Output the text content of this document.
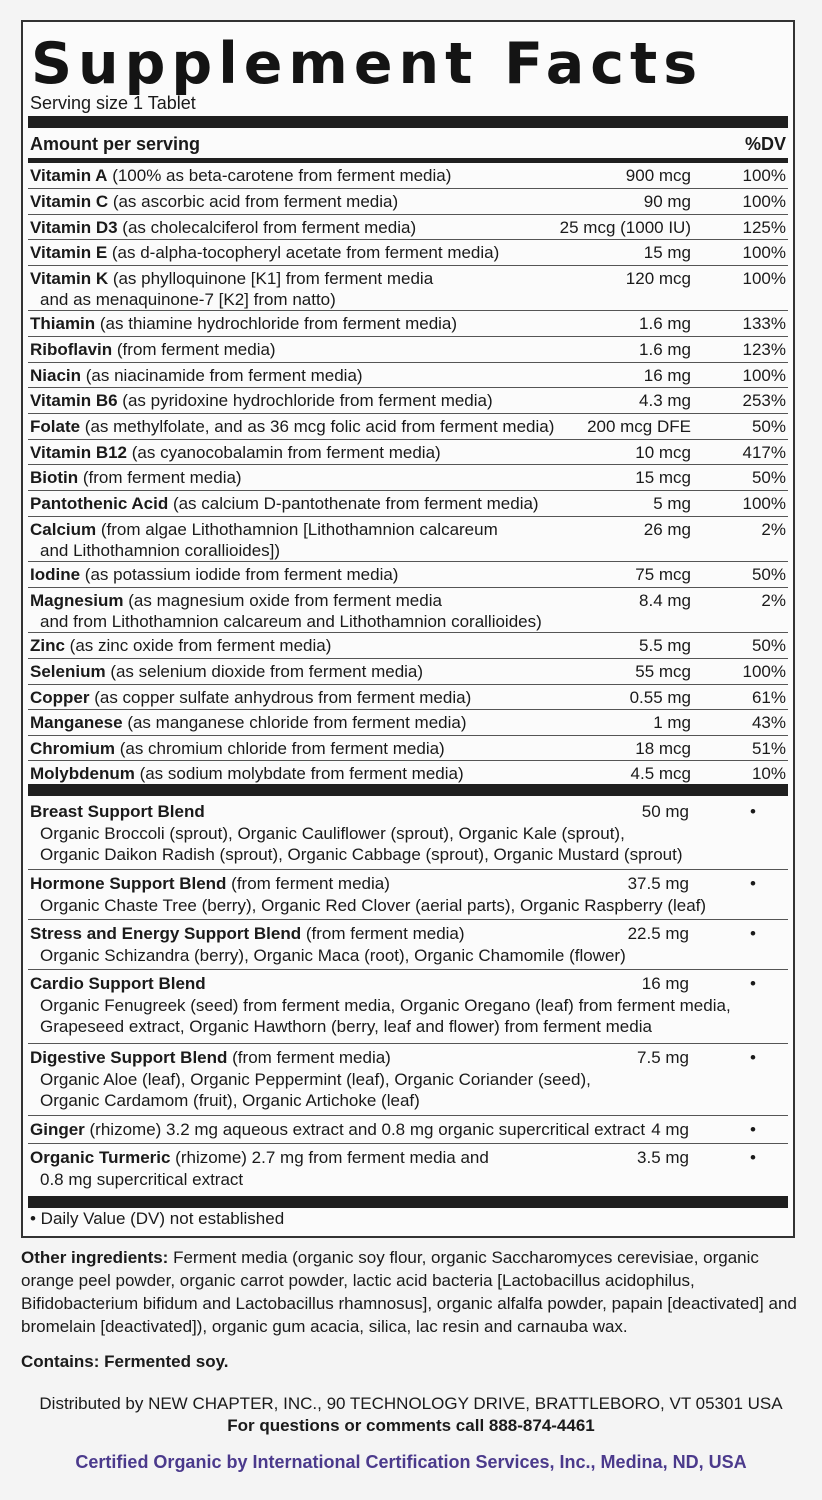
Supplement Facts
Serving size 1 Tablet
Amount per serving	%DV
Vitamin A (100% as beta-carotene from ferment media)	900 mcg	100%
Vitamin C (as ascorbic acid from ferment media)	90 mg	100%
Vitamin D3 (as cholecalciferol from ferment media)	25 mcg (1000 IU)	125%
Vitamin E (as d-alpha-tocopheryl acetate from ferment media)	15 mg	100%
Vitamin K (as phylloquinone [K1] from ferment media
and as menaquinone-7 [K2] from natto)
120 mcg	100%
Thiamin (as thiamine hydrochloride from ferment media)	1.6 mg	133%
Riboflavin (from ferment media)	1.6 mg	123%
Niacin (as niacinamide from ferment media)	16 mg	100%
Vitamin B6 (as pyridoxine hydrochloride from ferment media)	4.3 mg	253%
Folate (as methylfolate, and as 36 mcg folic acid from ferment media) 200 mcg DFE	50%
Vitamin B12 (as cyanocobalamin from ferment media)	10 mcg	417%
Biotin (from ferment media)	15 mcg	50%
Pantothenic Acid (as calcium D-pantothenate from ferment media)	5 mg	100%
Calcium (from algae Lithothamnion [Lithothamnion calcareum
and Lithothamnion corallioides])
26 mg	2%
Iodine (as potassium iodide from ferment media)	75 mcg	50%
Magnesium (as magnesium oxide from ferment media
and from Lithothamnion calcareum and Lithothamnion corallioides)
8.4 mg	2%
Zinc (as zinc oxide from ferment media)	5.5 mg	50%
Selenium (as selenium dioxide from ferment media)	55 mcg	100%
Copper (as copper sulfate anhydrous from ferment media)	0.55 mg	61%
Manganese (as manganese chloride from ferment media)	1 mg	43%
Chromium (as chromium chloride from ferment media)	18 mcg	51%
Molybdenum (as sodium molybdate from ferment media)	4.5 mcg	10%
Breast Support Blend	50 mg	•
Organic Broccoli (sprout), Organic Cauliflower (sprout), Organic Kale (sprout),
Organic Daikon Radish (sprout), Organic Cabbage (sprout), Organic Mustard (sprout)
Hormone Support Blend (from ferment media)	37.5 mg	•
Organic Chaste Tree (berry), Organic Red Clover (aerial parts), Organic Raspberry (leaf)
Stress and Energy Support Blend (from ferment media)	22.5 mg	•
Organic Schizandra (berry), Organic Maca (root), Organic Chamomile (flower)
Cardio Support Blend	16 mg	•
Organic Fenugreek (seed) from ferment media, Organic Oregano (leaf) from ferment media,
Grapeseed extract, Organic Hawthorn (berry, leaf and flower) from ferment media
Digestive Support Blend (from ferment media)	7.5 mg	•
Organic Aloe (leaf), Organic Peppermint (leaf), Organic Coriander (seed),
Organic Cardamom (fruit), Organic Artichoke (leaf)
Ginger (rhizome) 3.2 mg aqueous extract and 0.8 mg organic supercritical extract 4 mg	•
Organic Turmeric (rhizome) 2.7 mg from ferment media and	3.5 mg	•
0.8 mg supercritical extract
• Daily Value (DV) not established
Other ingredients: Ferment media (organic soy flour, organic Saccharomyces cerevisiae, organic orange peel powder, organic carrot powder, lactic acid bacteria [Lactobacillus acidophilus, Bifidobacterium bifidum and Lactobacillus rhamnosus], organic alfalfa powder, papain [deactivated] and bromelain [deactivated]), organic gum acacia, silica, lac resin and carnauba wax.
Contains: Fermented soy.
Distributed by NEW CHAPTER, INC., 90 TECHNOLOGY DRIVE, BRATTLEBORO, VT 05301 USA
For questions or comments call 888-874-4461
Certified Organic by International Certification Services, Inc., Medina, ND, USA
